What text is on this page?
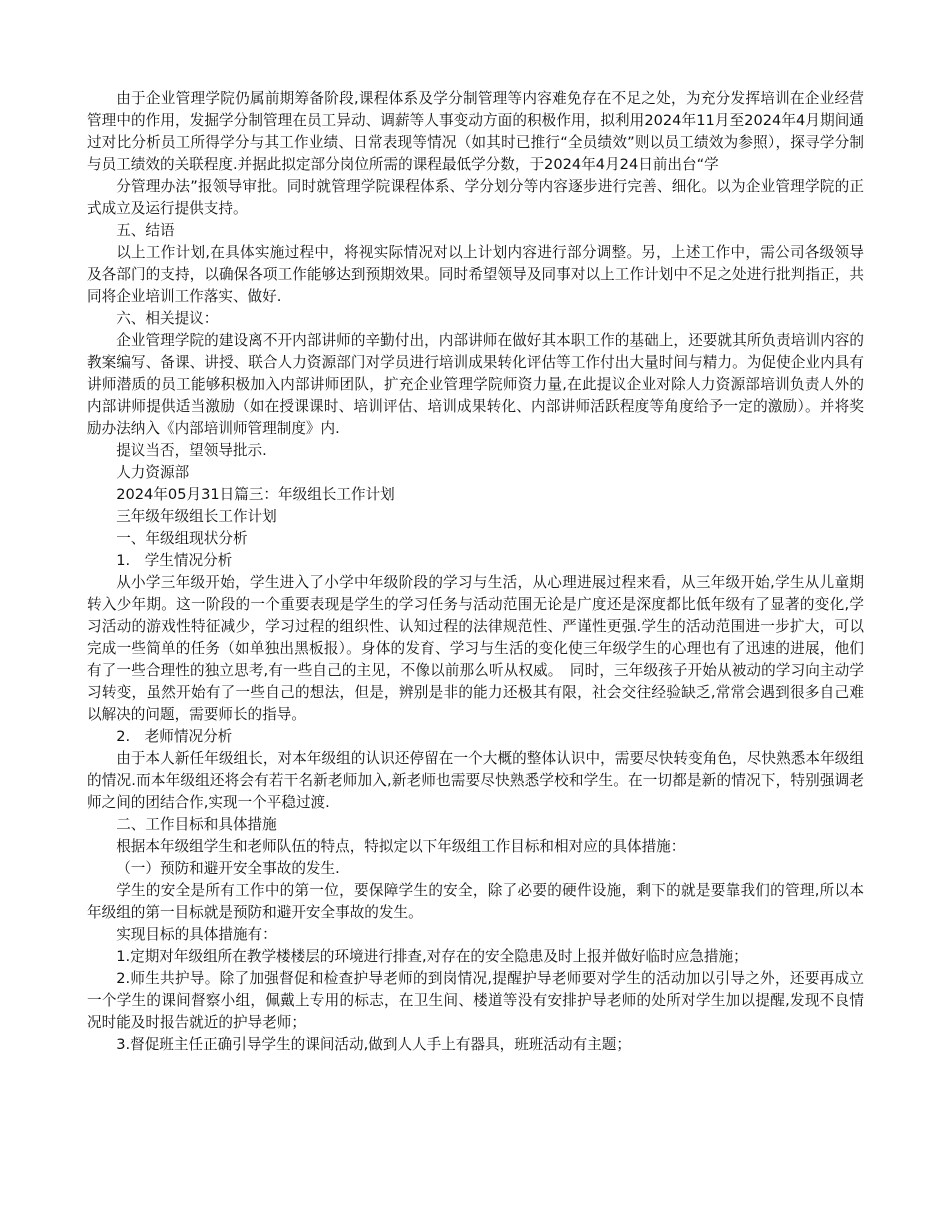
由于企业管理学院仍属前期筹备阶段,课程体系及学分制管理等内容难免存在不足之处，为充分发挥培训在企业经营管理中的作用，发掘学分制管理在员工异动、调薪等人事变动方面的积极作用，拟利用2024年11月至2024年4月期间通过对比分析员工所得学分与其工作业绩、日常表现等情况（如其时已推行“全员绩效”则以员工绩效为参照），探寻学分制与员工绩效的关联程度.并据此拟定部分岗位所需的课程最低学分数，于2024年4月24日前出台“学

分管理办法”报领导审批。同时就管理学院课程体系、学分划分等内容逐步进行完善、细化。以为企业管理学院的正式成立及运行提供支持。

五、结语

以上工作计划,在具体实施过程中，将视实际情况对以上计划内容进行部分调整。另，上述工作中，需公司各级领导及各部门的支持，以确保各项工作能够达到预期效果。同时希望领导及同事对以上工作计划中不足之处进行批判指正，共同将企业培训工作落实、做好.

六、相关提议：

企业管理学院的建设离不开内部讲师的辛勤付出，内部讲师在做好其本职工作的基础上，还要就其所负责培训内容的教案编写、备课、讲授、联合人力资源部门对学员进行培训成果转化评估等工作付出大量时间与精力。为促使企业内具有讲师潜质的员工能够积极加入内部讲师团队，扩充企业管理学院师资力量,在此提议企业对除人力资源部培训负责人外的内部讲师提供适当激励（如在授课课时、培训评估、培训成果转化、内部讲师活跃程度等角度给予一定的激励）。并将奖励办法纳入《内部培训师管理制度》内.

提议当否，望领导批示.

人力资源部

2024年05月31日篇三：年级组长工作计划

三年级年级组长工作计划

一、年级组现状分析

1.　学生情况分析

从小学三年级开始，学生进入了小学中年级阶段的学习与生活，从心理进展过程来看，从三年级开始,学生从儿童期转入少年期。这一阶段的一个重要表现是学生的学习任务与活动范围无论是广度还是深度都比低年级有了显著的变化,学习活动的游戏性特征减少，学习过程的组织性、认知过程的法律规范性、严谨性更强.学生的活动范围进一步扩大，可以完成一些简单的任务（如单独出黑板报）。身体的发育、学习与生活的变化使三年级学生的心理也有了迅速的进展，他们有了一些合理性的独立思考,有一些自己的主见，不像以前那么听从权威。　同时，三年级孩子开始从被动的学习向主动学习转变，虽然开始有了一些自己的想法，但是，辨别是非的能力还极其有限，社会交往经验缺乏,常常会遇到很多自己难以解决的问题，需要师长的指导。

2.　老师情况分析

由于本人新任年级组长，对本年级组的认识还停留在一个大概的整体认识中，需要尽快转变角色，尽快熟悉本年级组的情况.而本年级组还将会有若干名新老师加入,新老师也需要尽快熟悉学校和学生。在一切都是新的情况下，特别强调老师之间的团结合作,实现一个平稳过渡.

二、工作目标和具体措施

根据本年级组学生和老师队伍的特点，特拟定以下年级组工作目标和相对应的具体措施：

（一）预防和避开安全事故的发生.

学生的安全是所有工作中的第一位，要保障学生的安全，除了必要的硬件设施，剩下的就是要靠我们的管理,所以本年级组的第一目标就是预防和避开安全事故的发生。

实现目标的具体措施有：

1.定期对年级组所在教学楼楼层的环境进行排查,对存在的安全隐患及时上报并做好临时应急措施；

2.师生共护导。除了加强督促和检查护导老师的到岗情况,提醒护导老师要对学生的活动加以引导之外，还要再成立一个学生的课间督察小组，佩戴上专用的标志，在卫生间、楼道等没有安排护导老师的处所对学生加以提醒,发现不良情况时能及时报告就近的护导老师；

3.督促班主任正确引导学生的课间活动,做到人人手上有器具，班班活动有主题；
